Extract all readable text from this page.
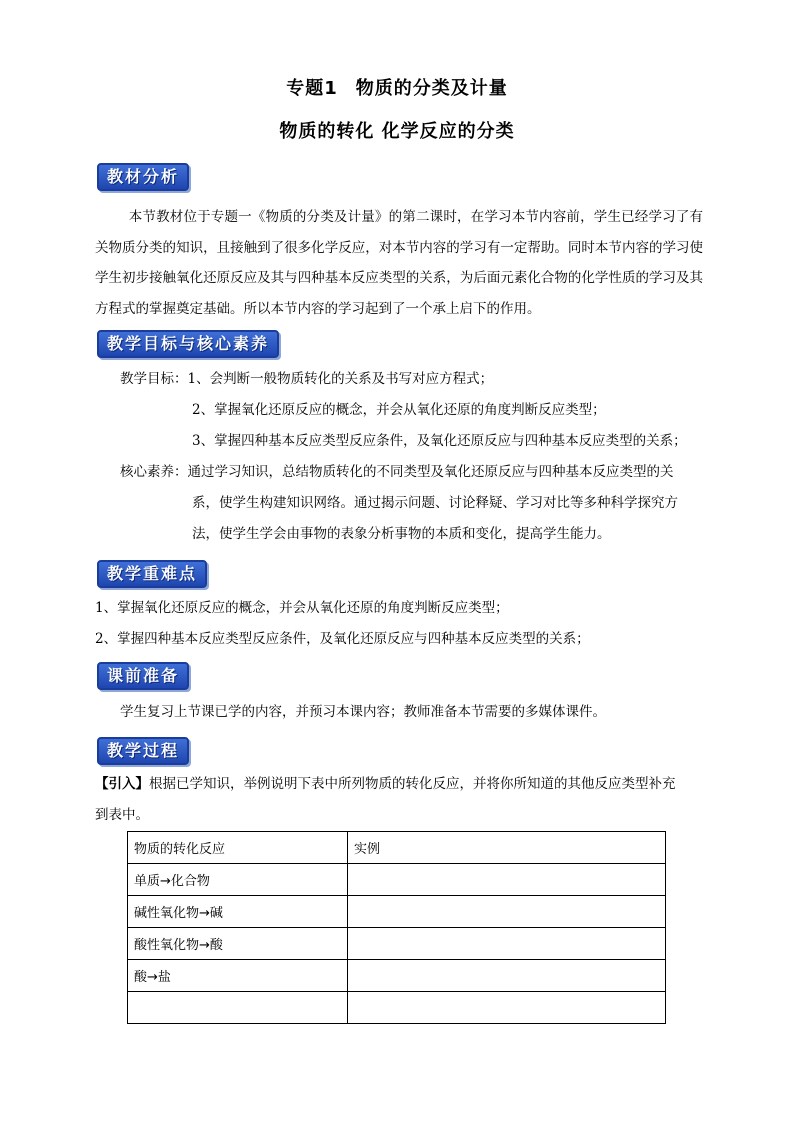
专题1 物质的分类及计量
物质的转化 化学反应的分类
教材分析
本节教材位于专题一《物质的分类及计量》的第二课时，在学习本节内容前，学生已经学习了有关物质分类的知识，且接触到了很多化学反应，对本节内容的学习有一定帮助。同时本节内容的学习使学生初步接触氧化还原反应及其与四种基本反应类型的关系，为后面元素化合物的化学性质的学习及其方程式的掌握奠定基础。所以本节内容的学习起到了一个承上启下的作用。
教学目标与核心素养
教学目标：1、会判断一般物质转化的关系及书写对应方程式；
2、掌握氧化还原反应的概念，并会从氧化还原的角度判断反应类型；
3、掌握四种基本反应类型反应条件，及氧化还原反应与四种基本反应类型的关系；
核心素养：通过学习知识，总结物质转化的不同类型及氧化还原反应与四种基本反应类型的关
系，使学生构建知识网络。通过揭示问题、讨论释疑、学习对比等多种科学探究方
法，使学生学会由事物的表象分析事物的本质和变化，提高学生能力。
教学重难点
1、掌握氧化还原反应的概念，并会从氧化还原的角度判断反应类型；
2、掌握四种基本反应类型反应条件，及氧化还原反应与四种基本反应类型的关系；
课前准备
学生复习上节课已学的内容，并预习本课内容；教师准备本节需要的多媒体课件。
教学过程
【引入】根据已学知识，举例说明下表中所列物质的转化反应，并将你所知道的其他反应类型补充
到表中。
物质的转化反应	实例
单质→化合物	
碱性氧化物→碱	
酸性氧化物→酸	
酸→盐	
